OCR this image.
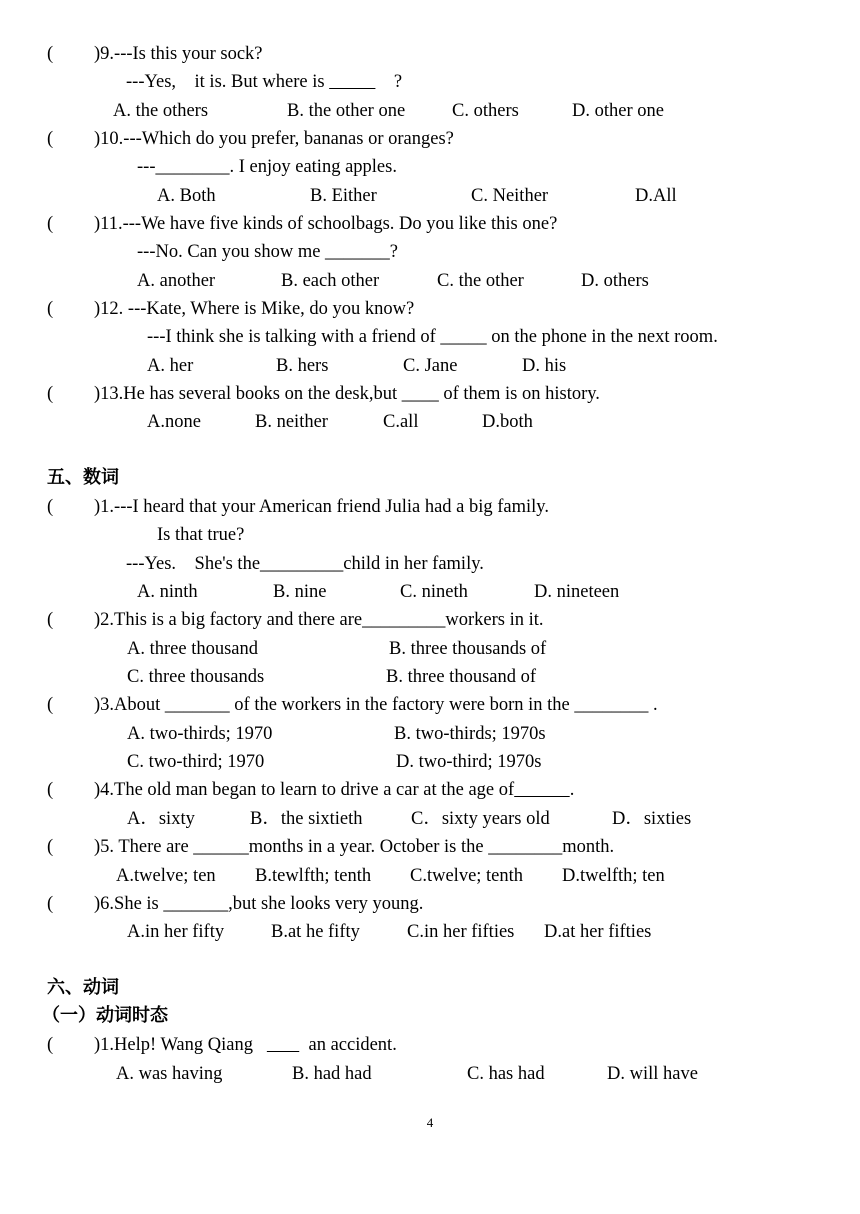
( )9.---Is this your sock?
---Yes,    it is. But where is	?
A. the others	B. the other one	C. others	D. other one
( )10.---Which do you prefer, bananas or oranges?
---________. I enjoy eating apples.
A. Both	B. Either	C. Neither	D.All
( )11.---We have five kinds of schoolbags. Do you like this one?
---No. Can you show me _______?
A. another	B. each other	C. the other	D. others
( )12. ---Kate, Where is Mike, do you know?
---I think she is talking with a friend of _____ on the phone in the next room.
A. her	B. hers	C. Jane	D. his
( )13.He has several books on the desk,but ____ of them is on history.
A.none	B. neither	C.all	D.both
五、数词
( )1.---I heard that your American friend Julia had a big family.
Is that true?
---Yes.    She's the_________child in her family.
A. ninth	B. nine	C. nineth	D. nineteen
( )2.This is a big factory and there are_________workers in it.
A. three thousand	B. three thousands of
C. three thousands	B. three thousand of
( )3.About _______ of the workers in the factory were born in the ________ .
A. two-thirds; 1970	B. two-thirds; 1970s
C. two-third; 1970	D. two-third; 1970s
( )4.The old man began to learn to drive a car at the age of	.
A．sixty	B．the sixtieth	C．sixty years old	D．sixties
( )5. There are ______months in a year. October is the ________month.
A.twelve; ten B.tewlfth; tenth C.twelve; tenth D.twelfth; ten
( )6.She is _______,but she looks very young.
A.in her fifty	B.at he fifty	C.in her fifties D.at her fifties
六、动词
（一）动词时态
( )1.Help! Wang Qiang            an accident.
A. was having	B. had had	C. has had	D. will have
4
